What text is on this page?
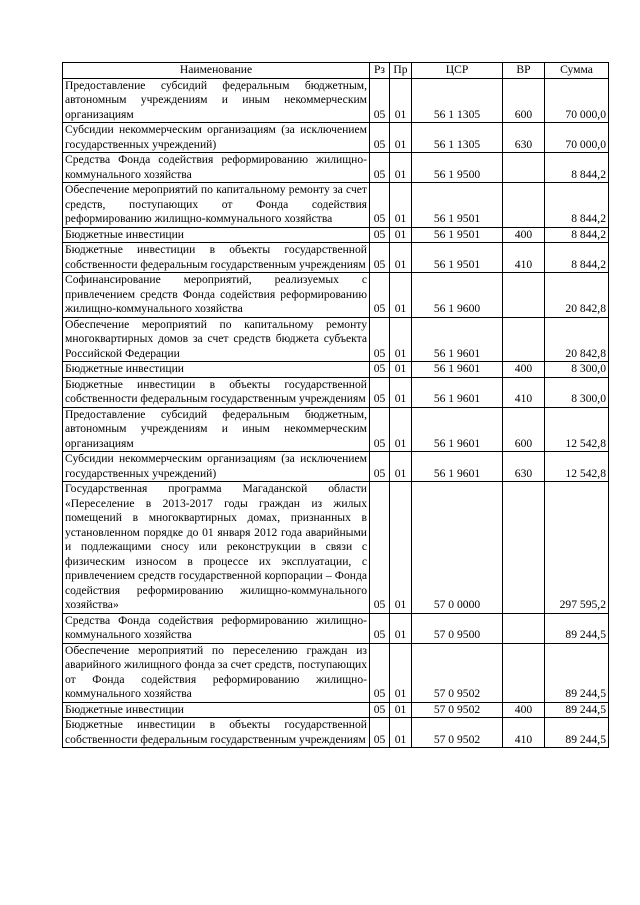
Наименование	Рз	Пр	ЦСР	ВР	Сумма
Предоставление субсидий федеральным бюджетным, автономным учреждениям и иным некоммерческим организациям	05	01	56 1 1305	600	70 000,0
Субсидии некоммерческим организациям (за исключением государственных учреждений)	05	01	56 1 1305	630	70 000,0
Средства Фонда содействия реформированию жилищно-коммунального хозяйства	05	01	56 1 9500		8 844,2
Обеспечение мероприятий по капитальному ремонту за счет средств, поступающих от Фонда содействия реформированию жилищно-коммунального хозяйства	05	01	56 1 9501		8 844,2
Бюджетные инвестиции	05	01	56 1 9501	400	8 844,2
Бюджетные инвестиции в объекты государственной собственности федеральным государственным учреждениям	05	01	56 1 9501	410	8 844,2
Софинансирование мероприятий, реализуемых с привлечением средств Фонда содействия реформированию жилищно-коммунального хозяйства	05	01	56 1 9600		20 842,8
Обеспечение мероприятий по капитальному ремонту многоквартирных домов за счет средств бюджета субъекта Российской Федерации	05	01	56 1 9601		20 842,8
Бюджетные инвестиции	05	01	56 1 9601	400	8 300,0
Бюджетные инвестиции в объекты государственной собственности федеральным государственным учреждениям	05	01	56 1 9601	410	8 300,0
Предоставление субсидий федеральным бюджетным, автономным учреждениям и иным некоммерческим организациям	05	01	56 1 9601	600	12 542,8
Субсидии некоммерческим организациям (за исключением государственных учреждений)	05	01	56 1 9601	630	12 542,8
Государственная программа Магаданской области «Переселение в 2013-2017 годы граждан из жилых помещений в многоквартирных домах, признанных в установленном порядке до 01 января 2012 года аварийными и подлежащими сносу или реконструкции в связи с физическим износом в процессе их эксплуатации, с привлечением средств государственной корпорации – Фонда содействия реформированию жилищно-коммунального хозяйства»	05	01	57 0 0000		297 595,2
Средства Фонда содействия реформированию жилищно-коммунального хозяйства	05	01	57 0 9500		89 244,5
Обеспечение мероприятий по переселению граждан из аварийного жилищного фонда за счет средств, поступающих от Фонда содействия реформированию жилищно-коммунального хозяйства	05	01	57 0 9502		89 244,5
Бюджетные инвестиции	05	01	57 0 9502	400	89 244,5
Бюджетные инвестиции в объекты государственной собственности федеральным государственным учреждениям	05	01	57 0 9502	410	89 244,5
